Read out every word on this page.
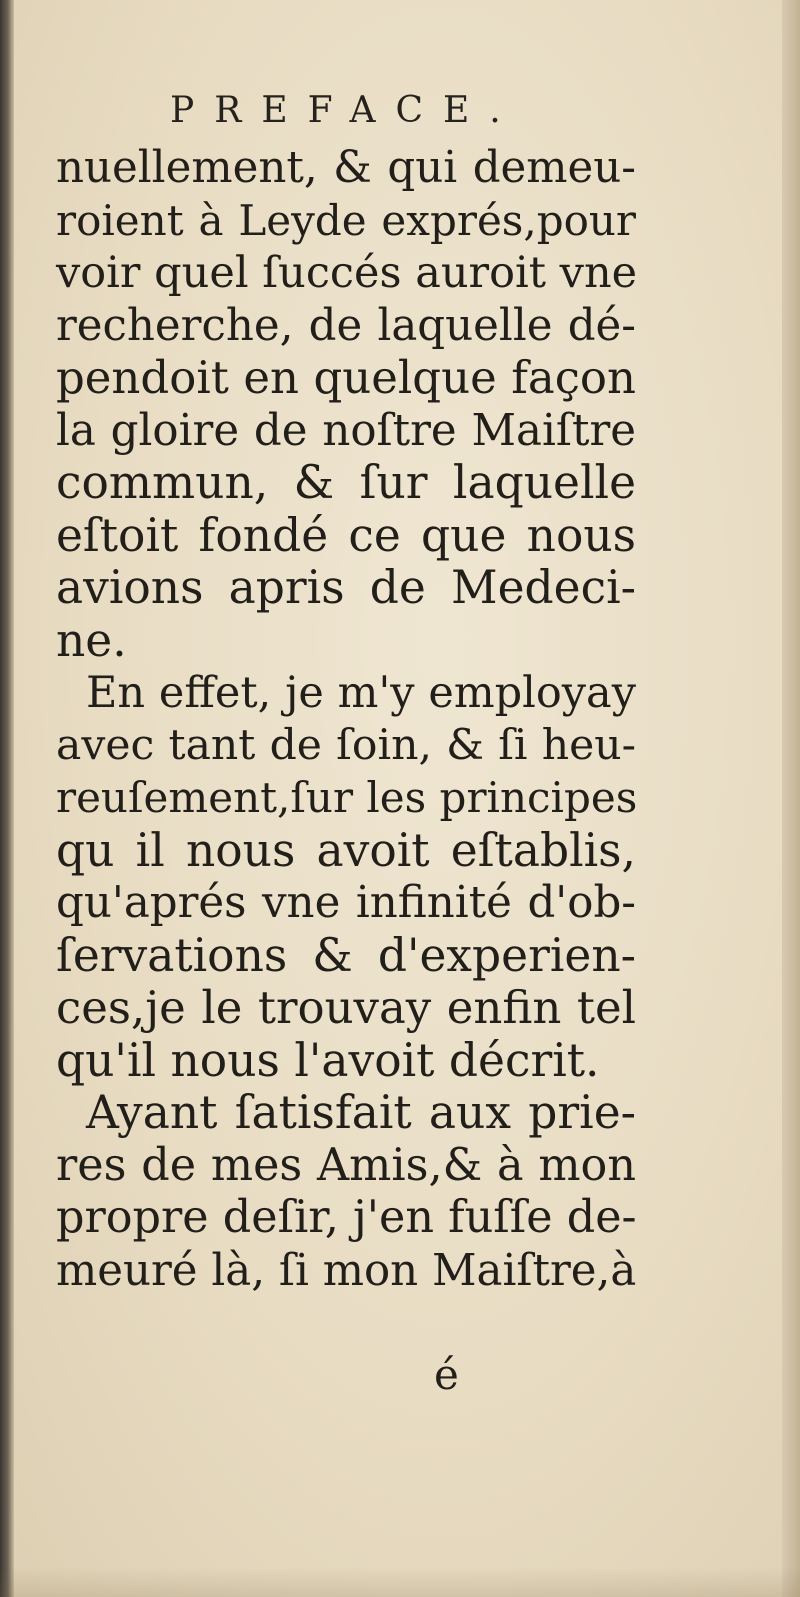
PREFACE.
nuellement, & qui demeu-
roient à Leyde exprés,pour
voir quel ſuccés auroit vne
recherche, de laquelle dé-
pendoit en quelque façon
la gloire de noſtre Maiſtre
commun, & ſur laquelle
eſtoit fondé ce que nous
avions apris de Medeci-
ne.
En effet, je m'y employay
avec tant de ſoin, & ſi heu-
reuſement,ſur les principes
qu il nous avoit eſtablis,
qu'aprés vne infinité d'ob-
ſervations & d'experien-
ces,je le trouvay enfin tel
qu'il nous l'avoit décrit.
Ayant ſatisfait aux prie-
res de mes Amis,& à mon
propre deſir, j'en fuſſe de-
meuré là, ſi mon Maiſtre,à
é
